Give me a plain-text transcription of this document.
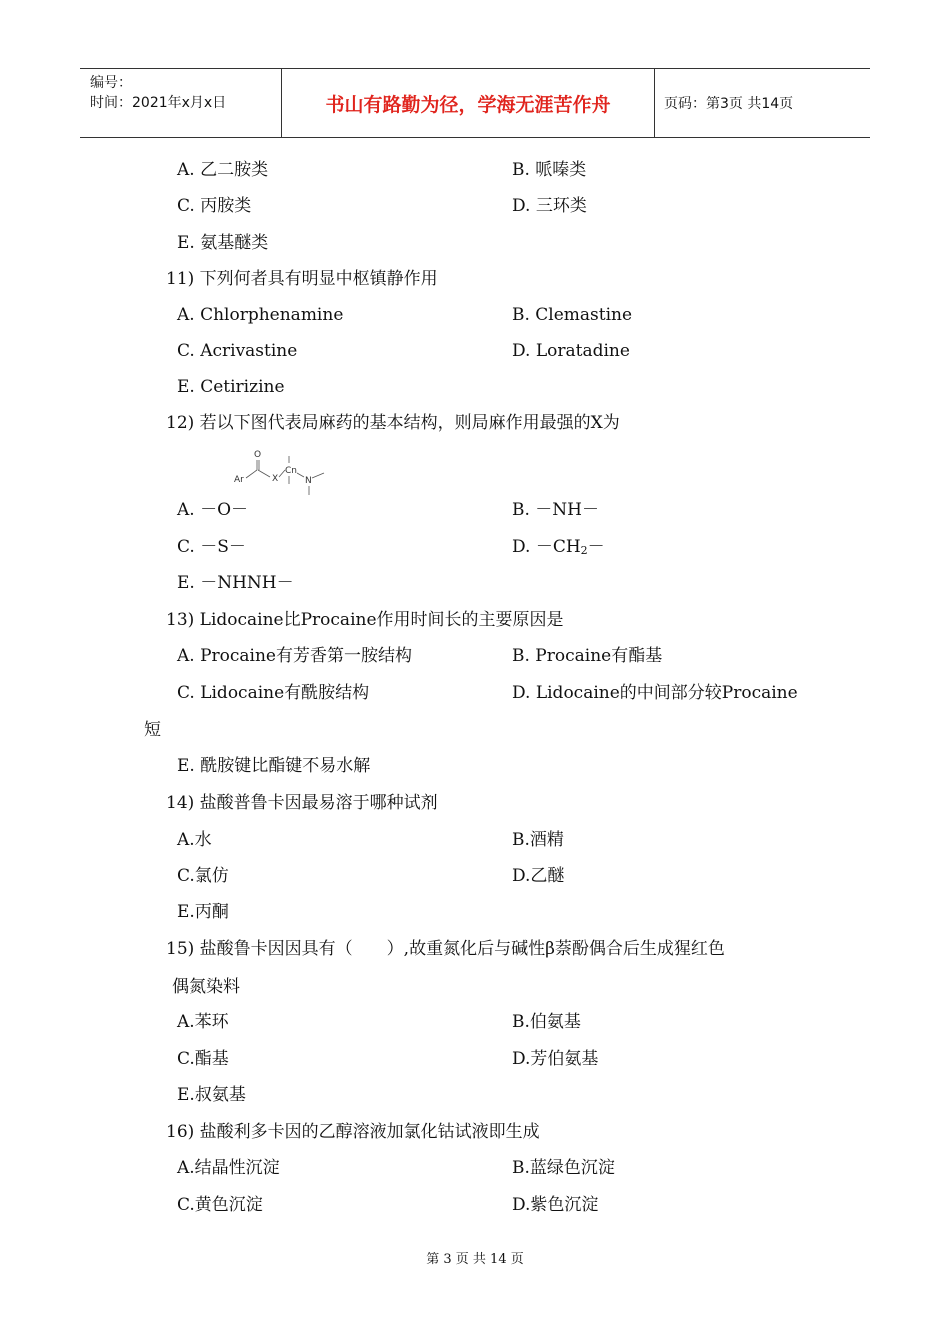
编号：
时间：2021年x月x日	书山有路勤为径，学海无涯苦作舟	页码：第3页 共14页
A. 乙二胺类	B. 哌嗪类
C. 丙胺类	D. 三环类
E. 氨基醚类
11) 下列何者具有明显中枢镇静作用
A. Chlorphenamine	B. Clemastine
C. Acrivastine	D. Loratadine
E. Cetirizine
12) 若以下图代表局麻药的基本结构，则局麻作用最强的X为
Ar
O
X
Cn
N
A. －O－	B. －NH－
C. －S－	D. $-CH_2-$
E. －NHNH－
13) Lidocaine比Procaine作用时间长的主要原因是
A. Procaine有芳香第一胺结构	B. Procaine有酯基
C. Lidocaine有酰胺结构	D. Lidocaine的中间部分较Procaine
短
E. 酰胺键比酯键不易水解
14) 盐酸普鲁卡因最易溶于哪种试剂
A.水	B.酒精
C.氯仿	D.乙醚
E.丙酮
15) 盐酸鲁卡因因具有（　　）,故重氮化后与碱性β萘酚偶合后生成猩红色
偶氮染料
A.苯环	B.伯氨基
C.酯基	D.芳伯氨基
E.叔氨基
16) 盐酸利多卡因的乙醇溶液加氯化钴试液即生成
A.结晶性沉淀	B.蓝绿色沉淀
C.黄色沉淀	D.紫色沉淀
第 3 页 共 14 页
